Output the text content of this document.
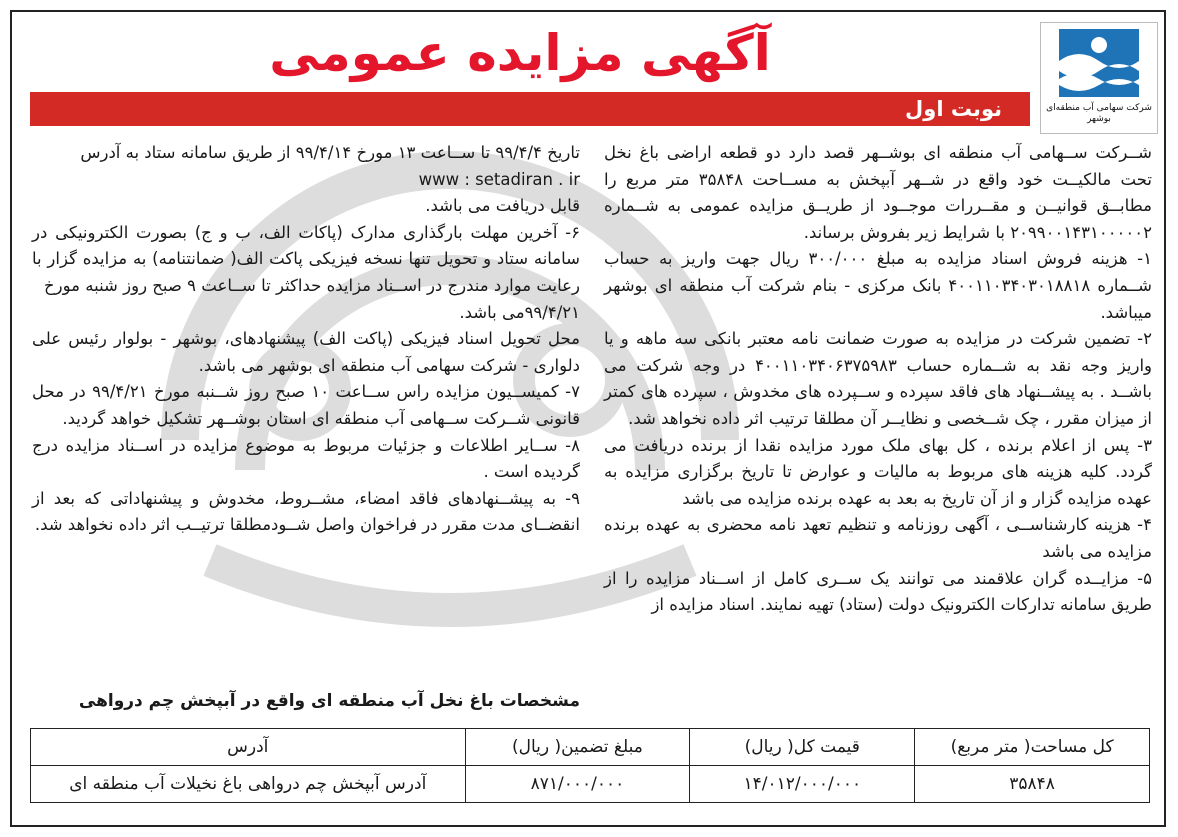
شرکت سهامی آب منطقه‌ای بوشهر
آگهی مزایده عمومی
نوبت اول

شــرکت ســهامی آب منطقه ای بوشــهر قصد دارد دو قطعه اراضی باغ نخل تحت مالکیــت خود واقع در شــهر آبپخش به مســاحت ۳۵۸۴۸ متر مربع را مطابــق قوانیــن و مقــررات موجــود از طریــق مزایده عمومی به شــماره ۲۰۹۹۰۰۱۴۳۱۰۰۰۰۰۲ با شرایط زیر بفروش برساند.

۱- هزینه فروش اسناد مزایده به مبلغ ۳۰۰/۰۰۰ ریال جهت واریز به حساب شــماره ۴۰۰۱۱۰۳۴۰۳۰۱۸۸۱۸ بانک مرکزی - بنام شرکت آب منطقه ای بوشهر میباشد.

۲- تضمین شرکت در مزایده به صورت ضمانت نامه معتبر بانکی سه ماهه و یا واریز وجه نقد به شــماره حساب ۴۰۰۱۱۰۳۴۰۶۳۷۵۹۸۳ در وجه شرکت می باشــد . به پیشــنهاد های فاقد سپرده و ســپرده های مخدوش ، سپرده های کمتر از میزان مقرر ، چک شــخصی و نظایــر آن مطلقا ترتیب اثر داده نخواهد شد.

۳- پس از اعلام برنده ، کل بهای ملک مورد مزایده نقدا از برنده دریافت می گردد. کلیه هزینه های مربوط به مالیات و عوارض تا تاریخ برگزاری مزایده به عهده مزایده گزار و از آن تاریخ به بعد به عهده برنده مزایده می باشد

۴- هزینه کارشناســی ، آگهی روزنامه و تنظیم تعهد نامه محضری به عهده برنده مزایده می باشد

۵- مزایــده گران علاقمند می توانند یک ســری کامل از اســناد مزایده را از طریق سامانه تدارکات الکترونیک دولت (ستاد) تهیه نمایند. اسناد مزایده از

تاریخ ۹۹/۴/۴ تا ســاعت ۱۳ مورخ ۹۹/۴/۱۴ از طریق سامانه ستاد به آدرس

www : setadiran . ir

قابل دریافت می باشد.

۶- آخرین مهلت بارگذاری مدارک (پاکات الف، ب و ج) بصورت الکترونیکی در سامانه ستاد و تحویل تنها نسخه فیزیکی پاکت الف( ضمانتنامه) به مزایده گزار با رعایت موارد مندرج در اســناد مزایده حداکثر تا ســاعت ۹ صبح روز شنبه مورخ

۹۹/۴/۲۱می باشد.

محل تحویل اسناد فیزیکی (پاکت الف) پیشنهادهای، بوشهر - بولوار رئیس علی دلواری - شرکت سهامی آب منطقه ای بوشهر می باشد.

۷- کمیســیون مزایده راس ســاعت ۱۰ صبح روز شــنبه مورخ ۹۹/۴/۲۱ در محل قانونی شــرکت ســهامی آب منطقه ای استان بوشــهر تشکیل خواهد گردید.

۸- ســایر اطلاعات و جزئیات مربوط به موضوع مزایده در اســناد مزایده درج گردیده است .

۹- به پیشــنهادهای فاقد امضاء، مشــروط، مخدوش و پیشنهاداتی که بعد از انقضــای مدت مقرر در فراخوان واصل شــودمطلقا ترتیــب اثر داده نخواهد شد.

مشخصات باغ نخل آب منطقه ای واقع در آبپخش چم درواهی
کل مساحت( متر مربع)	قیمت کل( ریال)	مبلغ تضمین( ریال)	آدرس
۳۵۸۴۸	۱۴/۰۱۲/۰۰۰/۰۰۰	۸۷۱/۰۰۰/۰۰۰	آدرس آبپخش چم درواهی باغ نخیلات آب منطقه ای
